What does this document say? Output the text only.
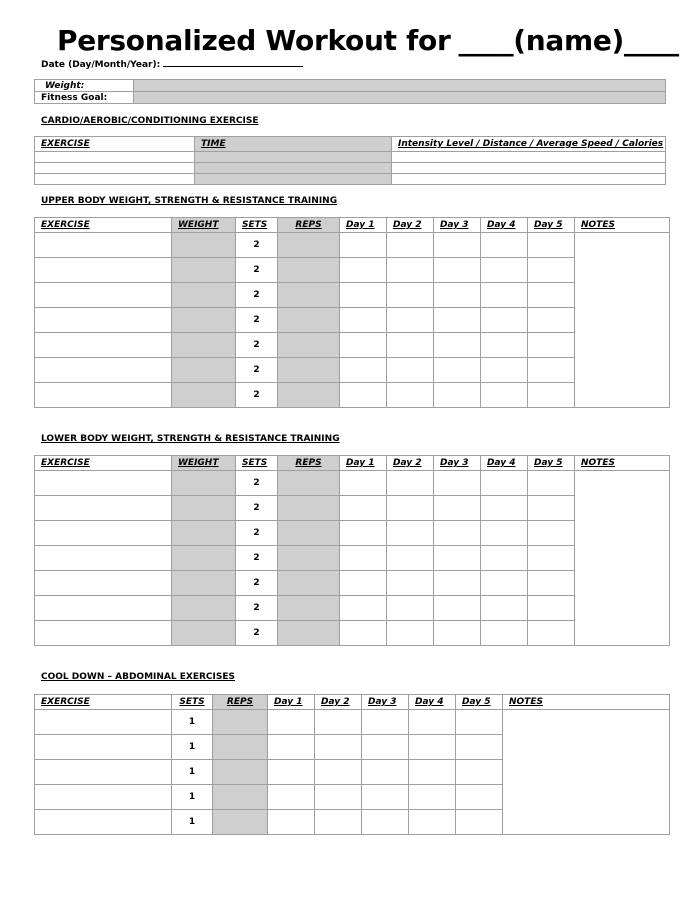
Personalized Workout for ____(name)____
Date (Day/Month/Year):
Weight:	
Fitness Goal:	
CARDIO/AEROBIC/CONDITIONING EXERCISE
EXERCISE	TIME	Intensity Level / Distance / Average Speed / Calories

UPPER BODY WEIGHT, STRENGTH & RESISTANCE TRAINING
EXERCISE	WEIGHT	SETS	REPS	Day 1	Day 2	Day 3	Day 4	Day 5	NOTES
		2							
		2							
		2							
		2							
		2							
		2							
		2							
LOWER BODY WEIGHT, STRENGTH & RESISTANCE TRAINING
EXERCISE	WEIGHT	SETS	REPS	Day 1	Day 2	Day 3	Day 4	Day 5	NOTES
		2							
		2							
		2							
		2							
		2							
		2							
		2							
COOL DOWN – ABDOMINAL EXERCISES
EXERCISE	SETS	REPS	Day 1	Day 2	Day 3	Day 4	Day 5	NOTES
	1							
	1							
	1							
	1							
	1							
